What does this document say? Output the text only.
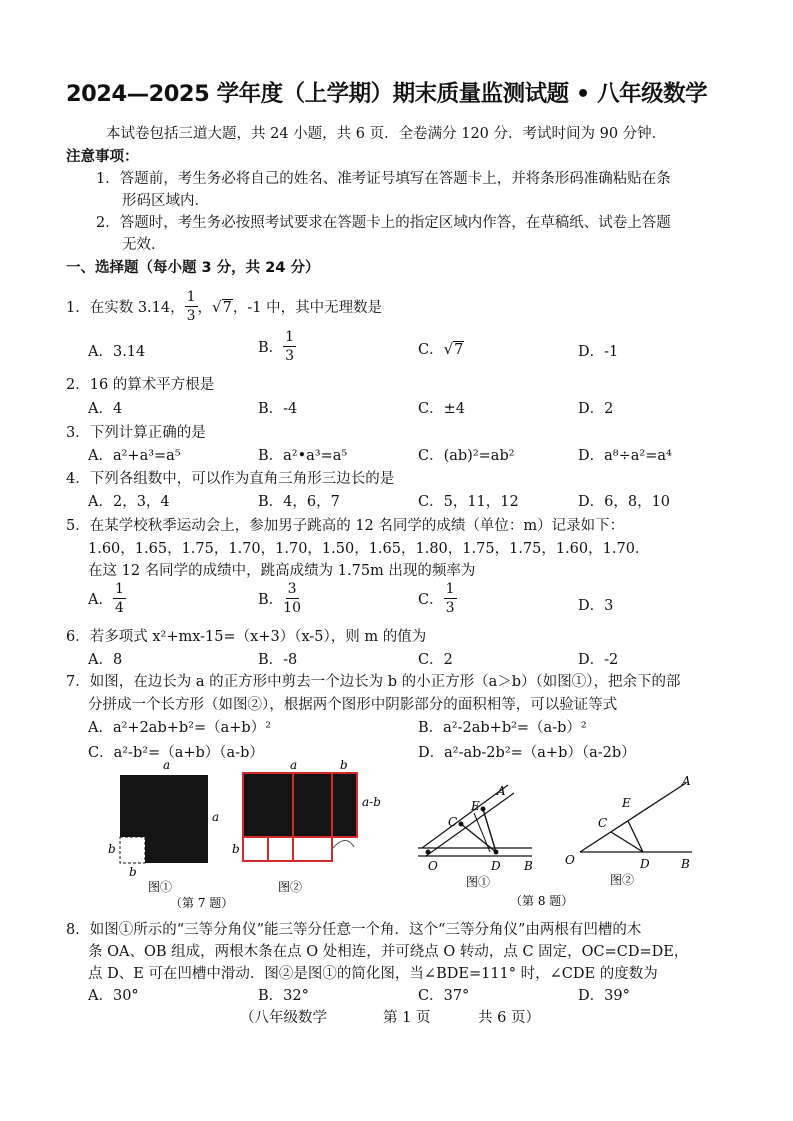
2024—2025 学年度（上学期）期末质量监测试题 • 八年级数学
本试卷包括三道大题，共 24 小题，共 6 页．全卷满分 120 分．考试时间为 90 分钟．
注意事项：
1．答题前，考生务必将自己的姓名、准考证号填写在答题卡上，并将条形码准确粘贴在条
形码区域内．
2．答题时，考生务必按照考试要求在答题卡上的指定区域内作答，在草稿纸、试卷上答题
无效．
一、选择题（每小题 3 分，共 24 分）
1．在实数 3.14， $\frac{1}{3}$ ， √7 ，-1 中，其中无理数是
A．3.14	B． $\frac{1}{3}$	C． √7	D．-1
2．16 的算术平方根是
A．4	B．-4	C．±4	D．2
3．下列计算正确的是
A．a²+a³=a⁵	B．a²•a³=a⁵	C．(ab)²=ab²	D．a⁸÷a²=a⁴
4．下列各组数中，可以作为直角三角形三边长的是
A．2，3，4	B．4，6，7	C．5，11，12	D．6，8，10
5．在某学校秋季运动会上，参加男子跳高的 12 名同学的成绩（单位：m）记录如下：
1.60，1.65，1.75，1.70，1.70，1.50，1.65，1.80，1.75，1.75，1.60，1.70．
在这 12 名同学的成绩中，跳高成绩为 1.75m 出现的频率为
A． $\frac{1}{4}$	B． $\frac{3}{10}$	C． $\frac{1}{3}$	D．3
6．若多项式 x²+mx-15=（x+3）（x-5），则 m 的值为
A．8	B．-8	C．2	D．-2
7．如图，在边长为 a 的正方形中剪去一个边长为 b 的小正方形（a＞b）（如图①），把余下的部
分拼成一个长方形（如图②），根据两个图形中阴影部分的面积相等，可以验证等式
A．a²+2ab+b²=（a+b）²	B．a²-2ab+b²=（a-b）²
C．a²-b²=（a+b）（a-b）	D．a²-ab-2b²=（a+b）（a-2b）
a
a
b
b
图①
a	b
a-b
b
图②
（第 7 题）
A
E
C
O	D B
图①
A
E
C
O	D	B
图②
（第 8 题）
8．如图①所示的“三等分角仪”能三等分任意一个角．这个“三等分角仪”由两根有凹槽的木
条 OA、OB 组成，两根木条在点 O 处相连，并可绕点 O 转动，点 C 固定，OC=CD=DE，
点 D、E 可在凹槽中滑动．图②是图①的简化图，当∠BDE=111° 时，∠CDE 的度数为
A．30°	B．32°	C．37°	D．39°
（八年级数学	第 1 页	共 6 页）
